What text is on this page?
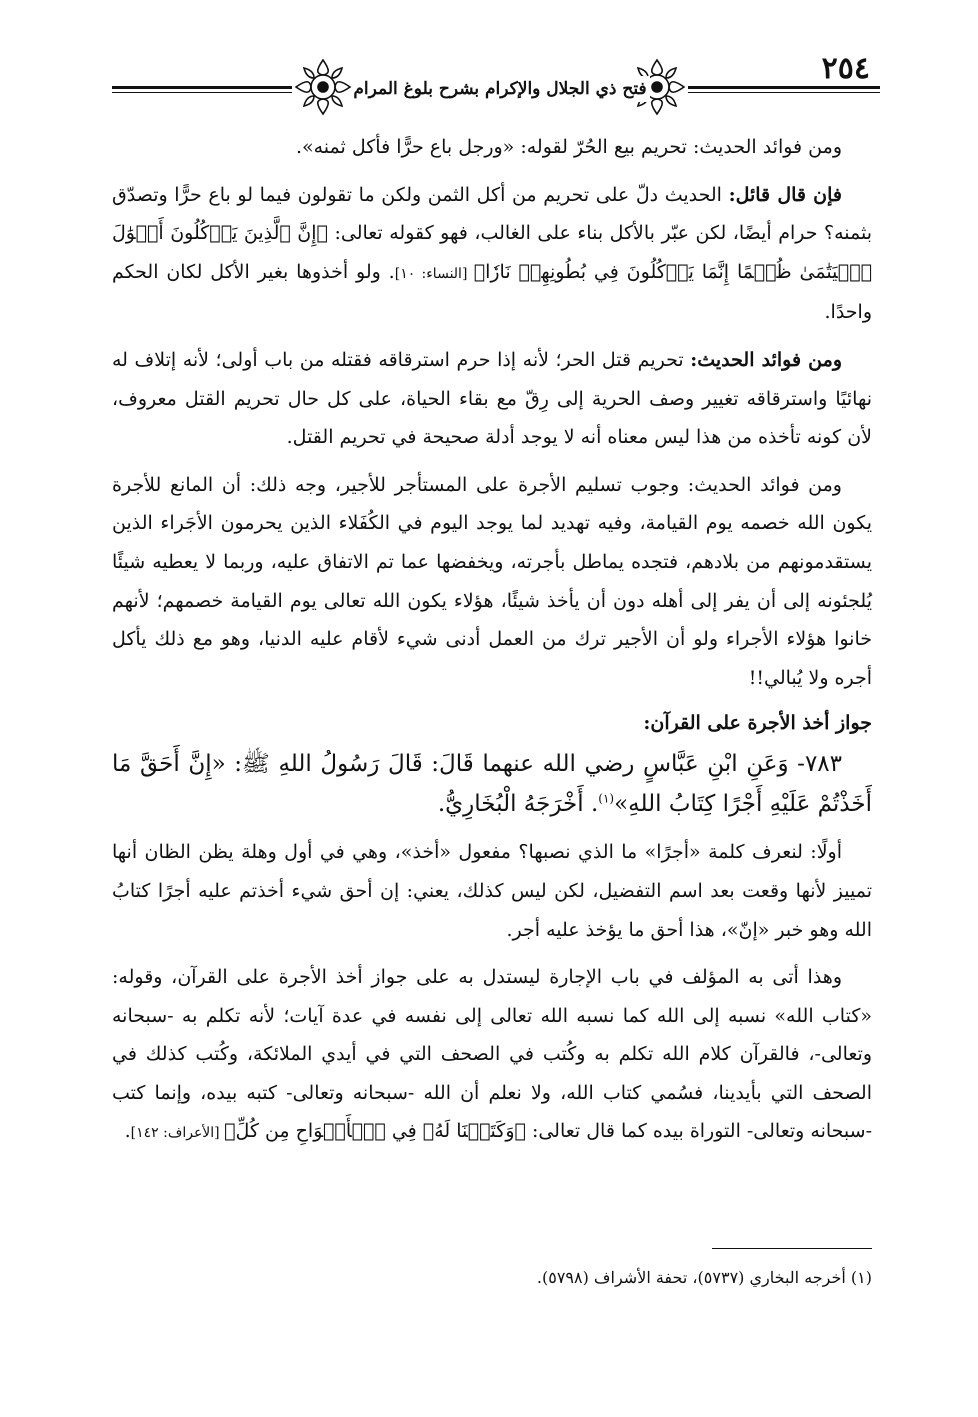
٢٥٤
فتح ذي الجلال والإكرام بشرح بلوغ المرام

ومن فوائد الحديث: تحريم بيع الحُرّ لقوله: «ورجل باع حرًّا فأكل ثمنه».

فإن قال قائل: الحديث دلّ على تحريم من أكل الثمن ولكن ما تقولون فيما لو باع حرًّا وتصدّق بثمنه؟ حرام أيضًا، لكن عبّر بالأكل بناء على الغالب، فهو كقوله تعالى: ﴿إِنَّ ٱلَّذِينَ يَأۡكُلُونَ أَمۡوَٰلَ ٱلۡيَتَٰمَىٰ ظُلۡمًا إِنَّمَا يَأۡكُلُونَ فِي بُطُونِهِمۡ نَارٗا﴾ [النساء: ١٠]. ولو أخذوها بغير الأكل لكان الحكم واحدًا.

ومن فوائد الحديث: تحريم قتل الحر؛ لأنه إذا حرم استرقاقه فقتله من باب أولى؛ لأنه إتلاف له نهائيًا واسترقاقه تغيير وصف الحرية إلى رِقّ مع بقاء الحياة، على كل حال تحريم القتل معروف، لأن كونه تأخذه من هذا ليس معناه أنه لا يوجد أدلة صحيحة في تحريم القتل.

ومن فوائد الحديث: وجوب تسليم الأجرة على المستأجر للأجير، وجه ذلك: أن المانع للأجرة يكون الله خصمه يوم القيامة، وفيه تهديد لما يوجد اليوم في الكُفَلاء الذين يحرمون الأجَراء الذين يستقدمونهم من بلادهم، فتجده يماطل بأجرته، ويخفضها عما تم الاتفاق عليه، وربما لا يعطيه شيئًا يُلجئونه إلى أن يفر إلى أهله دون أن يأخذ شيئًا، هؤلاء يكون الله تعالى يوم القيامة خصمهم؛ لأنهم خانوا هؤلاء الأجراء ولو أن الأجير ترك من العمل أدنى شيء لأقام عليه الدنيا، وهو مع ذلك يأكل أجره ولا يُبالي!!

جواز أخذ الأجرة على القرآن:

٧٨٣- وَعَنِ ابْنِ عَبَّاسٍ رضي الله عنهما قَالَ: قَالَ رَسُولُ اللهِ ﷺ: «إِنَّ أَحَقَّ مَا أَخَذْتُمْ عَلَيْهِ أَجْرًا كِتَابُ اللهِ»$^{(١)}$. أَخْرَجَهُ الْبُخَارِيُّ.

أولًا: لنعرف كلمة «أجرًا» ما الذي نصبها؟ مفعول «أخذ»، وهي في أول وهلة يظن الظان أنها تمييز لأنها وقعت بعد اسم التفضيل، لكن ليس كذلك، يعني: إن أحق شيء أخذتم عليه أجرًا كتابُ الله وهو خبر «إنّ»، هذا أحق ما يؤخذ عليه أجر.

وهذا أتى به المؤلف في باب الإجارة ليستدل به على جواز أخذ الأجرة على القرآن، وقوله: «كتاب الله» نسبه إلى الله كما نسبه الله تعالى إلى نفسه في عدة آيات؛ لأنه تكلم به -سبحانه وتعالى-، فالقرآن كلام الله تكلم به وكُتب في الصحف التي في أيدي الملائكة، وكُتب كذلك في الصحف التي بأيدينا، فسُمي كتاب الله، ولا نعلم أن الله -سبحانه وتعالى- كتبه بيده، وإنما كتب -سبحانه وتعالى- التوراة بيده كما قال تعالى: ﴿وَكَتَبۡنَا لَهُۥ فِي ٱلۡأَلۡوَاحِ مِن كُلِّ﴾ [الأعراف: ١٤٢].

(١) أخرجه البخاري (٥٧٣٧)، تحفة الأشراف (٥٧٩٨).
